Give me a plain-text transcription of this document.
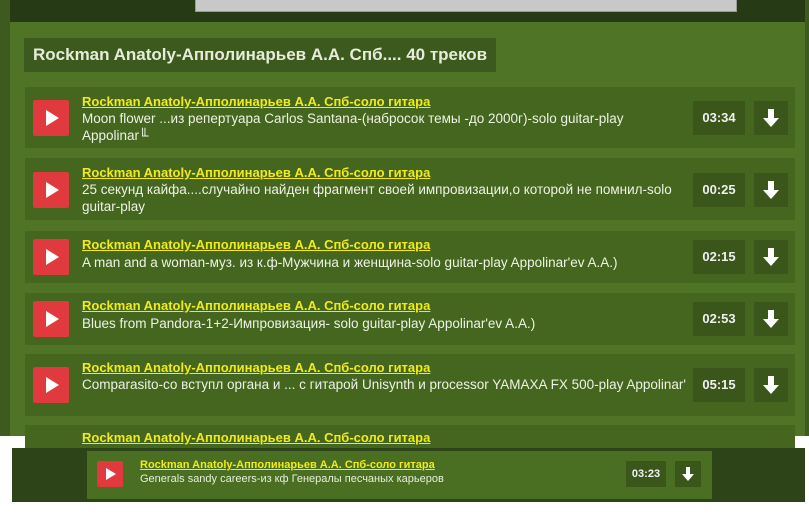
Rockman Anatoly-Апполинарьев А.А. Спб.... 40 треков
Rockman Anatoly-Апполинарьев А.А. Спб-соло гитара
Moon flower ...из репертуара Carlos Santana-(набросок темы -до 2000г)-solo guitar-play Appolinar╙
03:34
Rockman Anatoly-Апполинарьев А.А. Спб-соло гитара
25 секунд кайфа....случайно найден фрагмент своей импровизации,о которой не помнил-solo guitar-play
00:25
Rockman Anatoly-Апполинарьев А.А. Спб-соло гитара
A man and a woman-муз. из к.ф-Мужчина и женщина-solo guitar-play Appolinar'ev A.A.)	02:15
Rockman Anatoly-Апполинарьев А.А. Спб-соло гитара
Blues from Pandora-1+2-Импровизация- solo guitar-play Appolinar'ev A.A.)	02:53
Rockman Anatoly-Апполинарьев А.А. Спб-соло гитара
Comparasito-со вступл органа и ... с гитарой Unisynth и processor YAMAXA FX 500-play Appolinar'	05:15
Rockman Anatoly-Апполинарьев А.А. Спб-соло гитара
Rockman Anatoly-Апполинарьев А.А. Спб-соло гитара
Generals sandy careers-из кф Генералы песчаных карьеров	03:23
